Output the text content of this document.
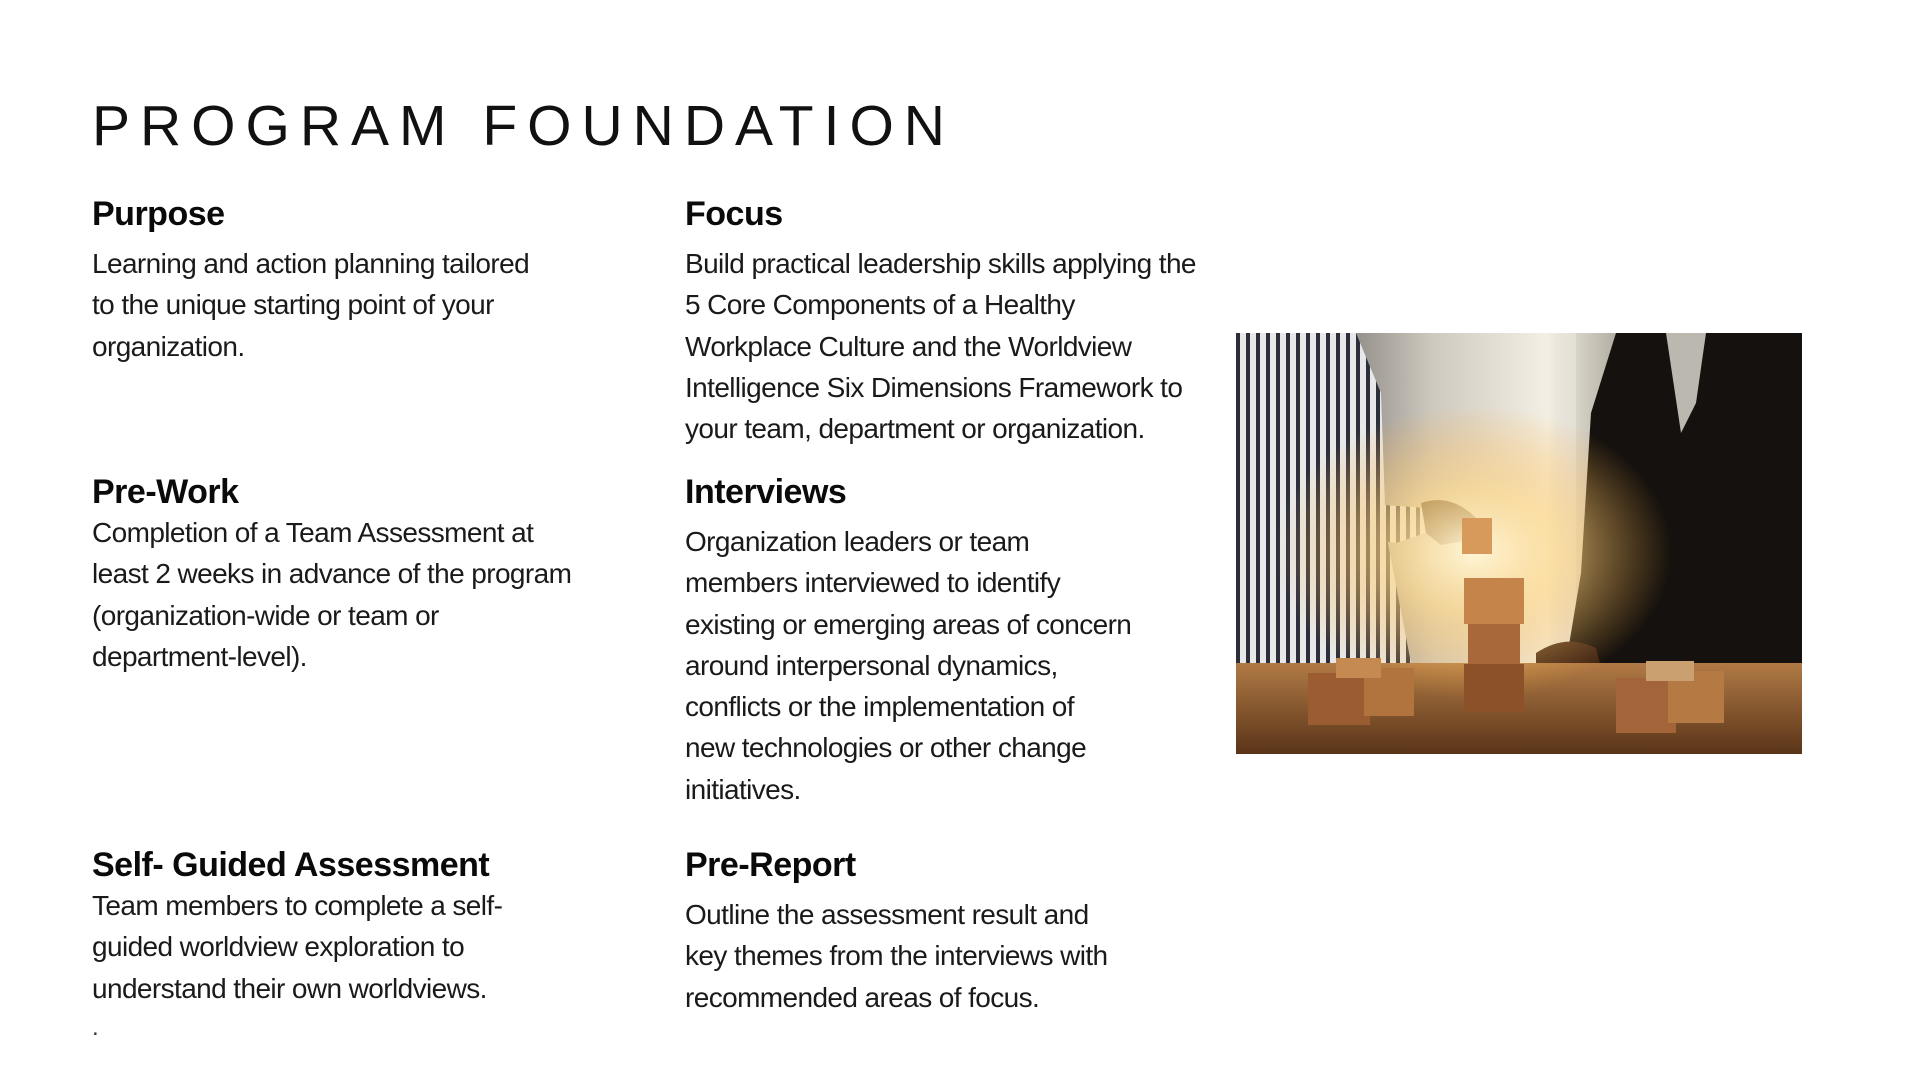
PROGRAM FOUNDATION
Purpose

Learning and action planning tailored
to the unique starting point of your
organization.

Focus

Build practical leadership skills applying the
5 Core Components of a Healthy
Workplace Culture and the Worldview
Intelligence Six Dimensions Framework to
your team, department or organization.

Pre-Work

Completion of a Team Assessment at
least 2 weeks in advance of the program
(organization-wide or team or
department-level).

Interviews

Organization leaders or team
members interviewed to identify
existing or emerging areas of concern
around interpersonal dynamics,
conflicts or the implementation of
new technologies or other change
initiatives.

Self- Guided Assessment

Team members to complete a self-
guided worldview exploration to
understand their own worldviews.

Pre-Report

Outline the assessment result and
key themes from the interviews with
recommended areas of focus.

.
